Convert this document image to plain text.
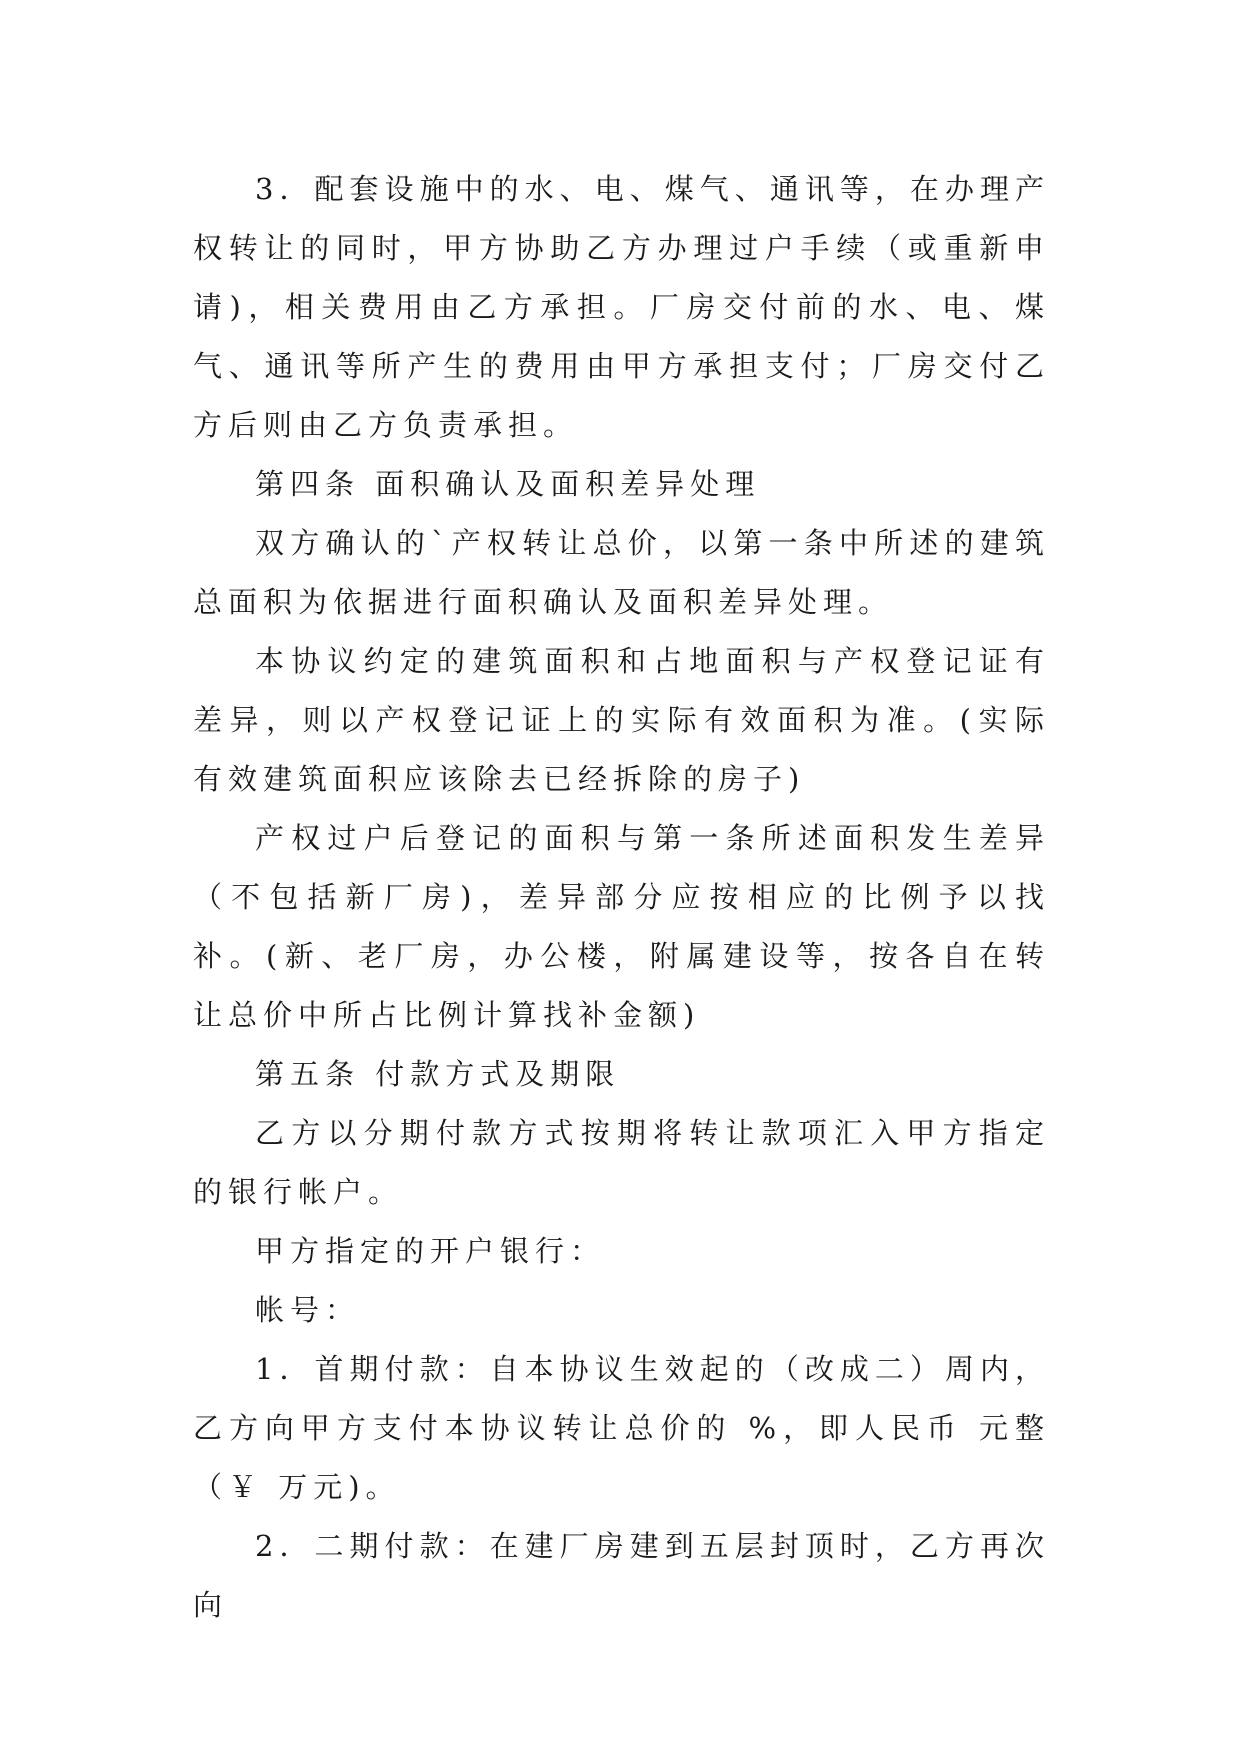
3．配套设施中的水、电、煤气、通讯等，在办理产权转让的同时，甲方协助乙方办理过户手续（或重新申请)，相关费用由乙方承担。厂房交付前的水、电、煤气、通讯等所产生的费用由甲方承担支付；厂房交付乙方后则由乙方负责承担。

第四条 面积确认及面积差异处理

双方确认的`产权转让总价，以第一条中所述的建筑总面积为依据进行面积确认及面积差异处理。

本协议约定的建筑面积和占地面积与产权登记证有差异，则以产权登记证上的实际有效面积为准。(实际有效建筑面积应该除去已经拆除的房子)

产权过户后登记的面积与第一条所述面积发生差异（不包括新厂房)，差异部分应按相应的比例予以找补。(新、老厂房，办公楼，附属建设等，按各自在转让总价中所占比例计算找补金额)

第五条 付款方式及期限

乙方以分期付款方式按期将转让款项汇入甲方指定的银行帐户。

甲方指定的开户银行：

帐号：

1．首期付款：自本协议生效起的（改成二）周内，乙方向甲方支付本协议转让总价的 %，即人民币 元整（￥ 万元)。

2．二期付款：在建厂房建到五层封顶时，乙方再次向
